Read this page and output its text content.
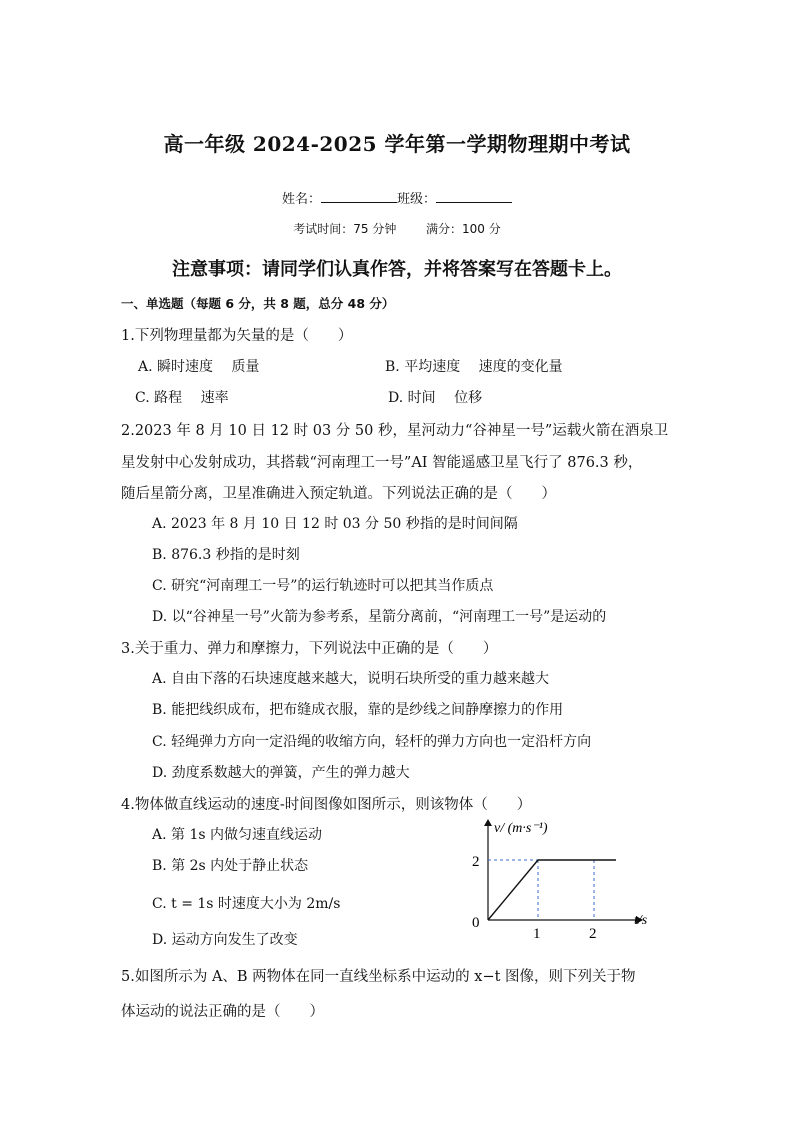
高一年级 2024-2025 学年第一学期物理期中考试
姓名：	班级：
考试时间：75 分钟 满分：100 分
注意事项：请同学们认真作答，并将答案写在答题卡上。
一、单选题（每题 6 分，共 8 题，总分 48 分）
1.下列物理量都为矢量的是（　　）
A. 瞬时速度　 质量	B. 平均速度　 速度的变化量
C. 路程　 速率	D. 时间　 位移
2.2023 年 8 月 10 日 12 时 03 分 50 秒，星河动力“谷神星一号”运载火箭在酒泉卫
星发射中心发射成功，其搭载“河南理工一号”AI 智能遥感卫星飞行了 876.3 秒，
随后星箭分离，卫星准确进入预定轨道。下列说法正确的是（　　）
A. 2023 年 8 月 10 日 12 时 03 分 50 秒指的是时间间隔
B. 876.3 秒指的是时刻
C. 研究“河南理工一号”的运行轨迹时可以把其当作质点
D. 以“谷神星一号”火箭为参考系，星箭分离前，“河南理工一号”是运动的
3.关于重力、弹力和摩擦力，下列说法中正确的是（　　）
A. 自由下落的石块速度越来越大，说明石块所受的重力越来越大
B. 能把线织成布，把布缝成衣服，靠的是纱线之间静摩擦力的作用
C. 轻绳弹力方向一定沿绳的收缩方向，轻杆的弹力方向也一定沿杆方向
D. 劲度系数越大的弹簧，产生的弹力越大
4.物体做直线运动的速度-时间图像如图所示，则该物体（　　）
A. 第 1s 内做匀速直线运动
B. 第 2s 内处于静止状态
C. t = 1s 时速度大小为 2m/s
D. 运动方向发生了改变
v/ (m·s⁻¹)
t/s
0
2
1	2
5.如图所示为 A、B 两物体在同一直线坐标系中运动的 x−t 图像，则下列关于物
体运动的说法正确的是（　　）
